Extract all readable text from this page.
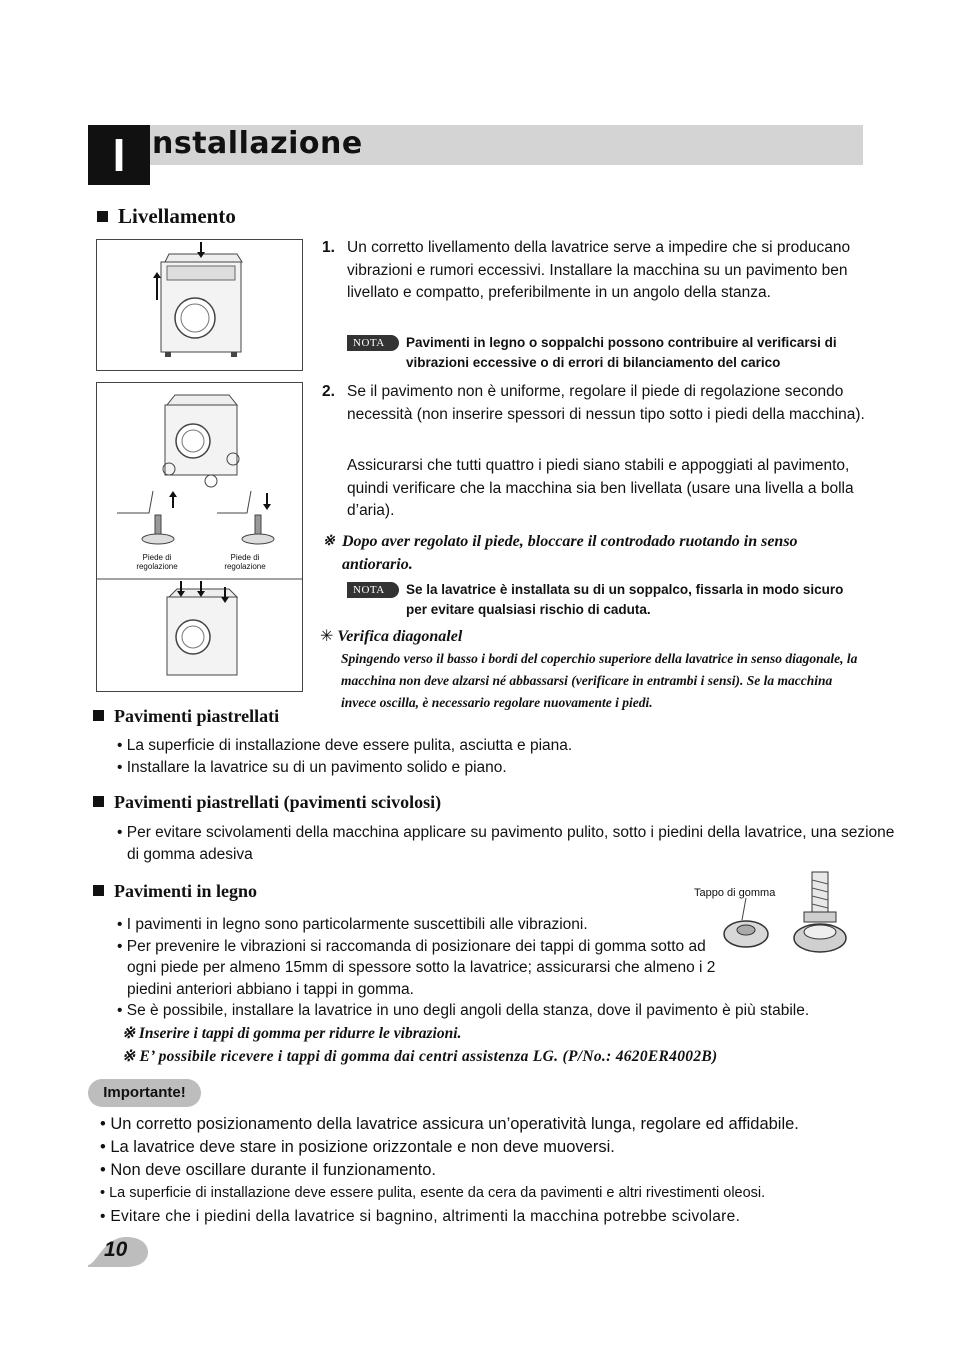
I nstallazione
Livellamento
Piede di
regolazione
Piede di
regolazione
1. Un corretto livellamento della lavatrice serve a impedire che si producano vibrazioni e rumori eccessivi. Installare la macchina su un pavimento ben livellato e compatto, preferibilmente in un angolo della stanza.
NOTA	Pavimenti in legno o soppalchi possono contribuire al verificarsi di vibrazioni eccessive o di errori di bilanciamento del carico
2. Se il pavimento non è uniforme, regolare il piede di regolazione secondo necessità (non inserire spessori di nessun tipo sotto i piedi della macchina).
Assicurarsi che tutti quattro i piedi siano stabili e appoggiati al pavimento, quindi verificare che la macchina sia ben livellata (usare una livella a bolla d’aria).
※ Dopo aver regolato il piede, bloccare il controdado ruotando in senso antiorario.
NOTA	Se la lavatrice è installata su di un soppalco, fissarla in modo sicuro per evitare qualsiasi rischio di caduta.
✳ Verifica diagonalel
Spingendo verso il basso i bordi del coperchio superiore della lavatrice in senso diagonale, la macchina non deve alzarsi né abbassarsi (verificare in entrambi i sensi). Se la macchina invece oscilla, è necessario regolare nuovamente i piedi.
Pavimenti piastrellati
• La superficie di installazione deve essere pulita, asciutta e piana.
• Installare la lavatrice su di un pavimento solido e piano.
Pavimenti piastrellati (pavimenti scivolosi)
• Per evitare scivolamenti della macchina applicare su pavimento pulito, sotto i piedini della lavatrice, una sezione di gomma adesiva
Pavimenti in legno	Tappo di gomma
• I pavimenti in legno sono particolarmente suscettibili alle vibrazioni.
• Per prevenire le vibrazioni si raccomanda di posizionare dei tappi di gomma sotto ad ogni piede per almeno 15mm di spessore sotto la lavatrice; assicurarsi che almeno i 2 piedini anteriori abbiano i tappi in gomma.
• Se è possibile, installare la lavatrice in uno degli angoli della stanza, dove il pavimento è più stabile.
※ Inserire i tappi di gomma per ridurre le vibrazioni.
※ E’ possibile ricevere i tappi di gomma dai centri assistenza LG. (P/No.: 4620ER4002B)
Importante!
• Un corretto posizionamento della lavatrice assicura un’operatività lunga, regolare ed affidabile.
• La lavatrice deve stare in posizione orizzontale e non deve muoversi.
• Non deve oscillare durante il funzionamento.
• La superficie di installazione deve essere pulita, esente da cera da pavimenti e altri rivestimenti oleosi.
• Evitare che i piedini della lavatrice si bagnino, altrimenti la macchina potrebbe scivolare.
10
